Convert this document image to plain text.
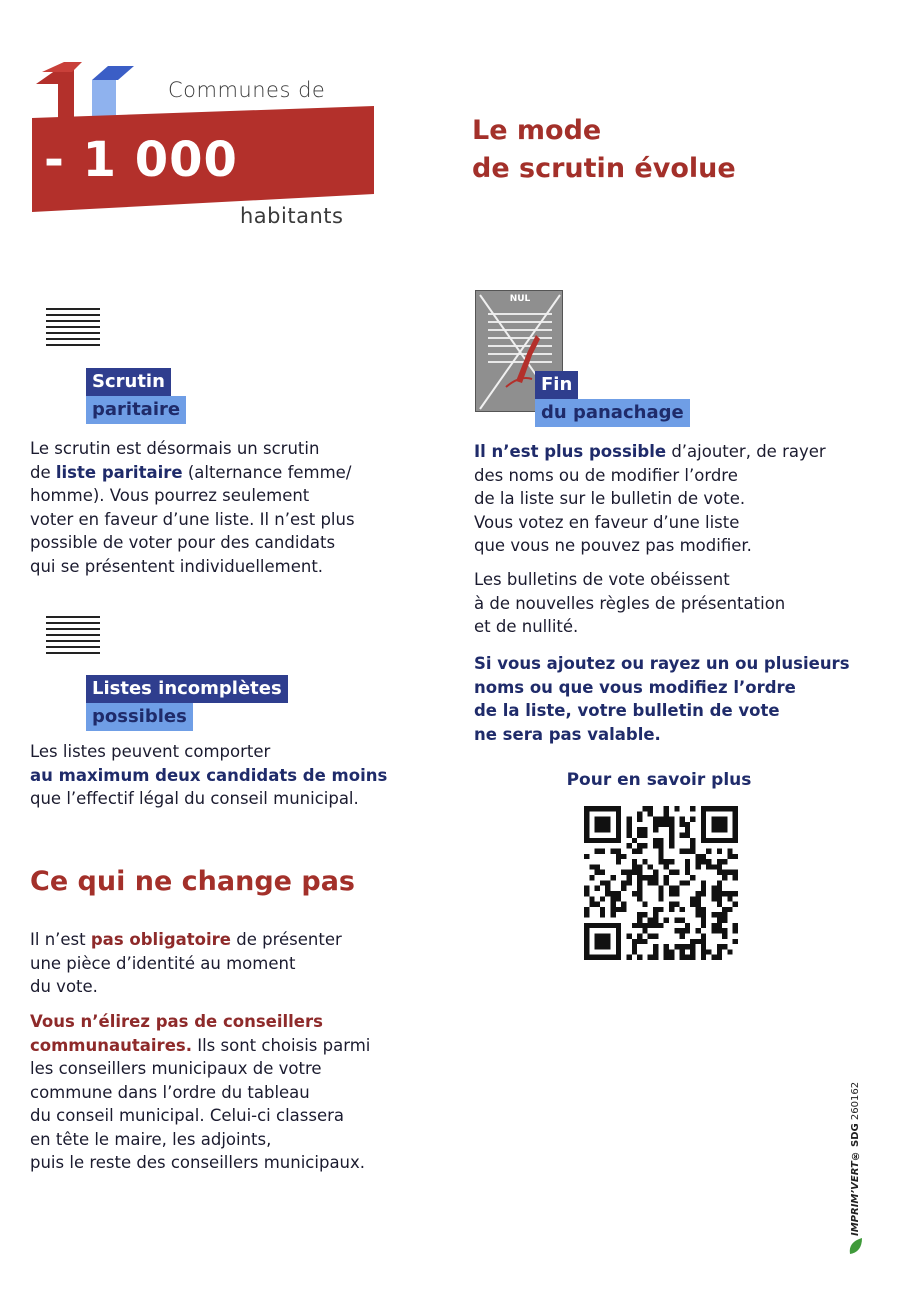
Communes de
- 1 000
habitants
Le mode
de scrutin évolue
Scrutin
paritaire

Le scrutin est désormais un scrutin

de liste paritaire (alternance femme/

homme). Vous pourrez seulement

voter en faveur d’une liste. Il n’est plus

possible de voter pour des candidats

qui se présentent individuellement.

Listes incomplètes
possibles

Les listes peuvent comporter

au maximum deux candidats de moins

que l’effectif légal du conseil municipal.

Ce qui ne change pas

Il n’est pas obligatoire de présenter

une pièce d’identité au moment

du vote.

Vous n’élirez pas de conseillers

communautaires. Ils sont choisis parmi

les conseillers municipaux de votre

commune dans l’ordre du tableau

du conseil municipal. Celui-ci classera

en tête le maire, les adjoints,

puis le reste des conseillers municipaux.

NUL
Fin
du panachage

Il n’est plus possible d’ajouter, de rayer

des noms ou de modifier l’ordre

de la liste sur le bulletin de vote.

Vous votez en faveur d’une liste

que vous ne pouvez pas modifier.

Les bulletins de vote obéissent

à de nouvelles règles de présentation

et de nullité.

Si vous ajoutez ou rayez un ou plusieurs

noms ou que vous modifiez l’ordre

de la liste, votre bulletin de vote

ne sera pas valable.

Pour en savoir plus
IMPRIM’VERT® SDG 260162
